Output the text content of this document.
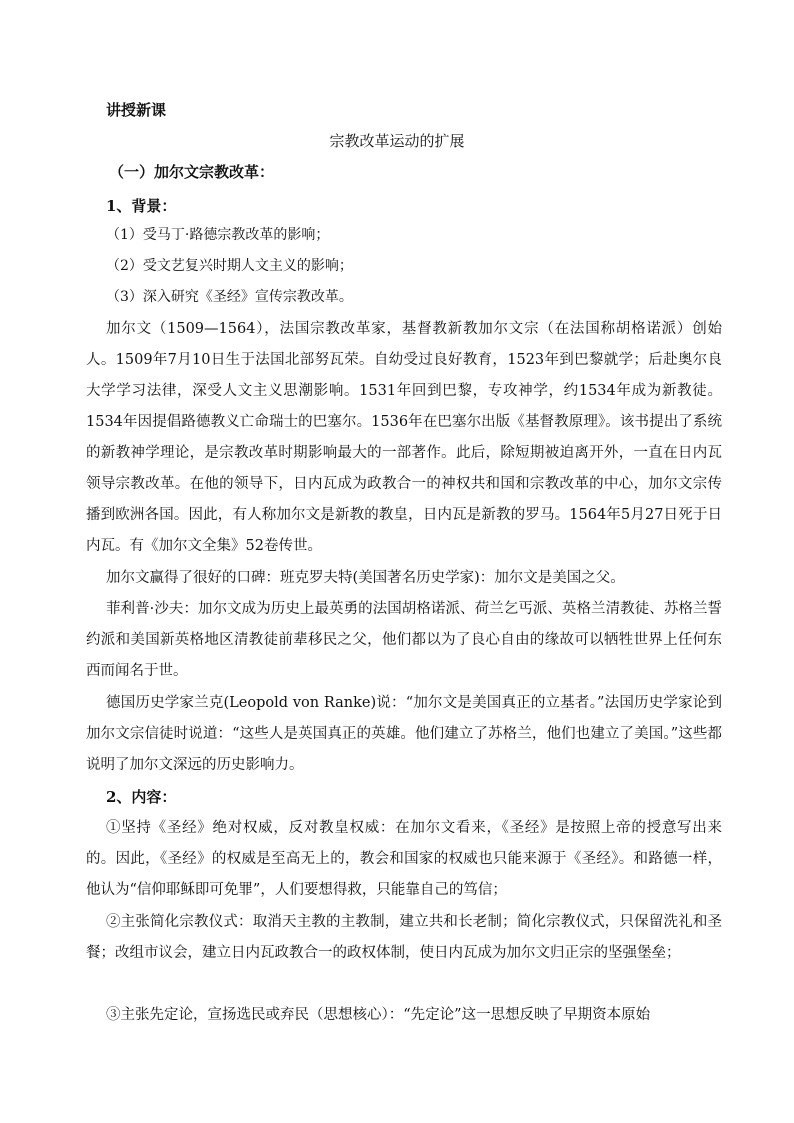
讲授新课
宗教改革运动的扩展
（一）加尔文宗教改革：
1、背景：
（1）受马丁·路德宗教改革的影响；
（2）受文艺复兴时期人文主义的影响；
（3）深入研究《圣经》宣传宗教改革。
加尔文（1509—1564），法国宗教改革家，基督教新教加尔文宗（在法国称胡格诺派）创始人。1509年7月10日生于法国北部努瓦荣。自幼受过良好教育，1523年到巴黎就学；后赴奥尔良大学学习法律，深受人文主义思潮影响。1531年回到巴黎，专攻神学，约1534年成为新教徒。1534年因提倡路德教义亡命瑞士的巴塞尔。1536年在巴塞尔出版《基督教原理》。该书提出了系统的新教神学理论，是宗教改革时期影响最大的一部著作。此后，除短期被迫离开外，一直在日内瓦领导宗教改革。在他的领导下，日内瓦成为政教合一的神权共和国和宗教改革的中心，加尔文宗传播到欧洲各国。因此，有人称加尔文是新教的教皇，日内瓦是新教的罗马。1564年5月27日死于日内瓦。有《加尔文全集》52卷传世。
加尔文赢得了很好的口碑：班克罗夫特(美国著名历史学家)：加尔文是美国之父。
菲利普·沙夫：加尔文成为历史上最英勇的法国胡格诺派、荷兰乞丐派、英格兰清教徒、苏格兰誓约派和美国新英格地区清教徒前辈移民之父，他们都以为了良心自由的缘故可以牺牲世界上任何东西而闻名于世。
德国历史学家兰克(Leopold von Ranke)说：“加尔文是美国真正的立基者。”法国历史学家论到加尔文宗信徒时说道：“这些人是英国真正的英雄。他们建立了苏格兰，他们也建立了美国。”这些都说明了加尔文深远的历史影响力。
2、内容：
①坚持《圣经》绝对权威，反对教皇权威：在加尔文看来，《圣经》是按照上帝的授意写出来的。因此，《圣经》的权威是至高无上的，教会和国家的权威也只能来源于《圣经》。和路德一样，他认为“信仰耶稣即可免罪”，人们要想得救，只能靠自己的笃信；
②主张简化宗教仪式：取消天主教的主教制，建立共和长老制；简化宗教仪式，只保留洗礼和圣餐；改组市议会，建立日内瓦政教合一的政权体制，使日内瓦成为加尔文归正宗的坚强堡垒；
③主张先定论，宣扬选民或弃民（思想核心）：“先定论”这一思想反映了早期资本原始
